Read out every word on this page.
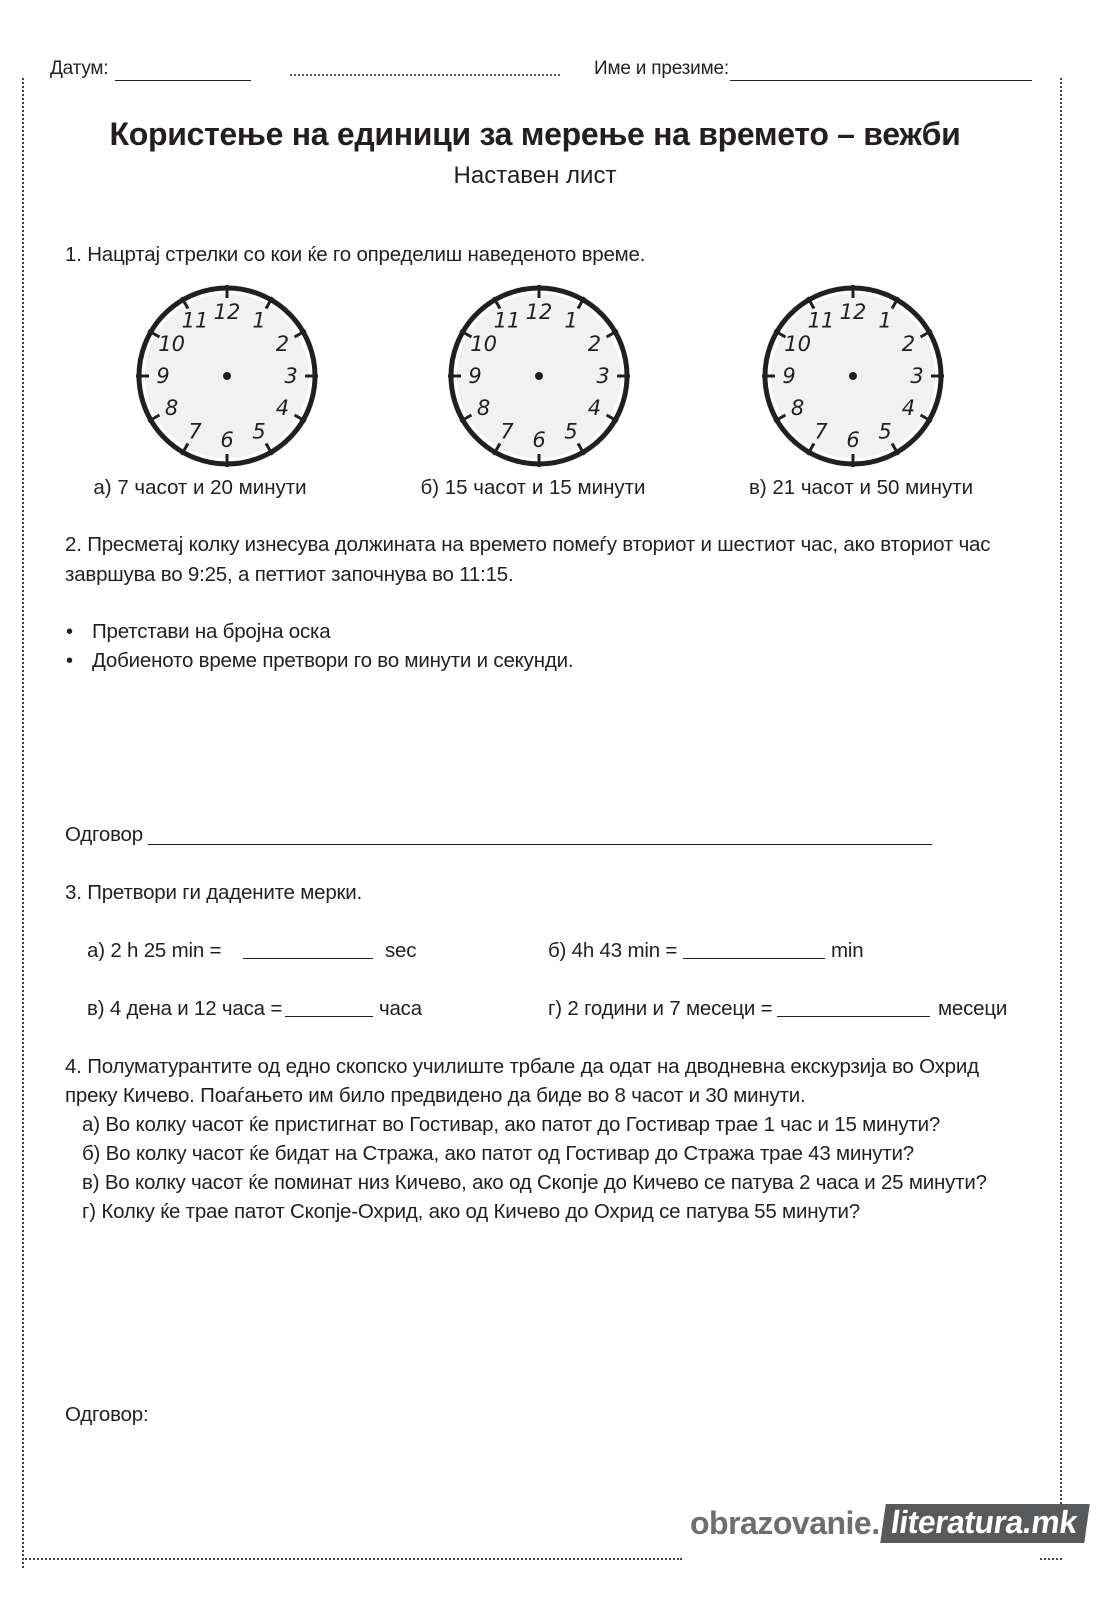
Датум:	Име и презиме:
Користење на единици за мерење на времето – вежби
Наставен лист
1. Нацртај стрелки со кои ќе го определиш наведеното време.
12 1
2
3
4
5
6
7
8
9
10
11	12 1
2
3
4
5
6
7
8
9
10
11	12 1
2
3
4
5
6
7
8
9
10
11
а) 7 часот и 20 минути	б) 15 часот и 15 минути	в) 21 часот и 50 минути
2. Пресметај колку изнесува должината на времето помеѓу вториот и шестиот час, ако вториот час
завршува во 9:25, а петтиот започнува во 11:15.
• Претстави на бројна оска
• Добиеното време претвори го во минути и секунди.
Одговор
3. Претвори ги дадените мерки.
а) 2 h 25 min =	sec	б) 4h 43 min =	min
в) 4 дена и 12 часа =	часа	г) 2 години и 7 месеци =	месеци
4. Полуматурантите од едно скопско училиште трбале да одат на дводневна екскурзија во Охрид
преку Кичево. Поаѓањето им било предвидено да биде во 8 часот и 30 минути.
а) Во колку часот ќе пристигнат во Гостивар, ако патот до Гостивар трае 1 час и 15 минути?
б) Во колку часот ќе бидат на Стража, ако патот од Гостивар до Стража трае 43 минути?
в) Во колку часот ќе поминат низ Кичево, ако од Скопје до Кичево се патува 2 часа и 25 минути?
г) Колку ќе трае патот Скопје-Охрид, ако од Кичево до Охрид се патува 55 минути?
Одговор:
obrazovanie. literatura.mk
